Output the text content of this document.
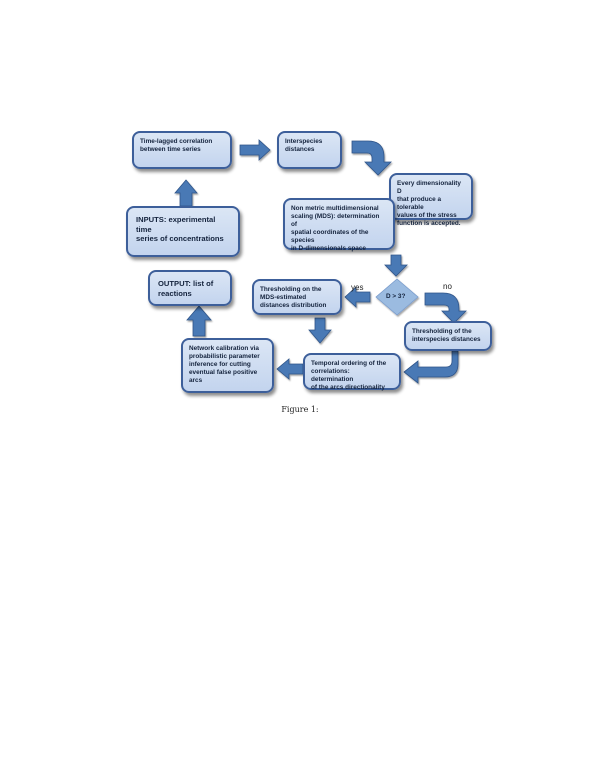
Time-lagged correlation
between time series
Interspecies
distances
Every dimensionality D
that produce a tolerable
values of the stress
function is accepted.
INPUTS: experimental time
series of concentrations
Non metric multidimensional
scaling (MDS): determination of
spatial coordinates of the species
in D-dimensionals space
OUTPUT: list of
reactions	Thresholding on the
MDS-estimated
distances distribution
Thresholding of the
interspecies distances
Network calibration via
probabilistic parameter
inference for cutting
eventual false positive
arcs
Temporal ordering of the
correlations: determination
of the arcs directionality
D > 3?
yes	no
Figure 1:
